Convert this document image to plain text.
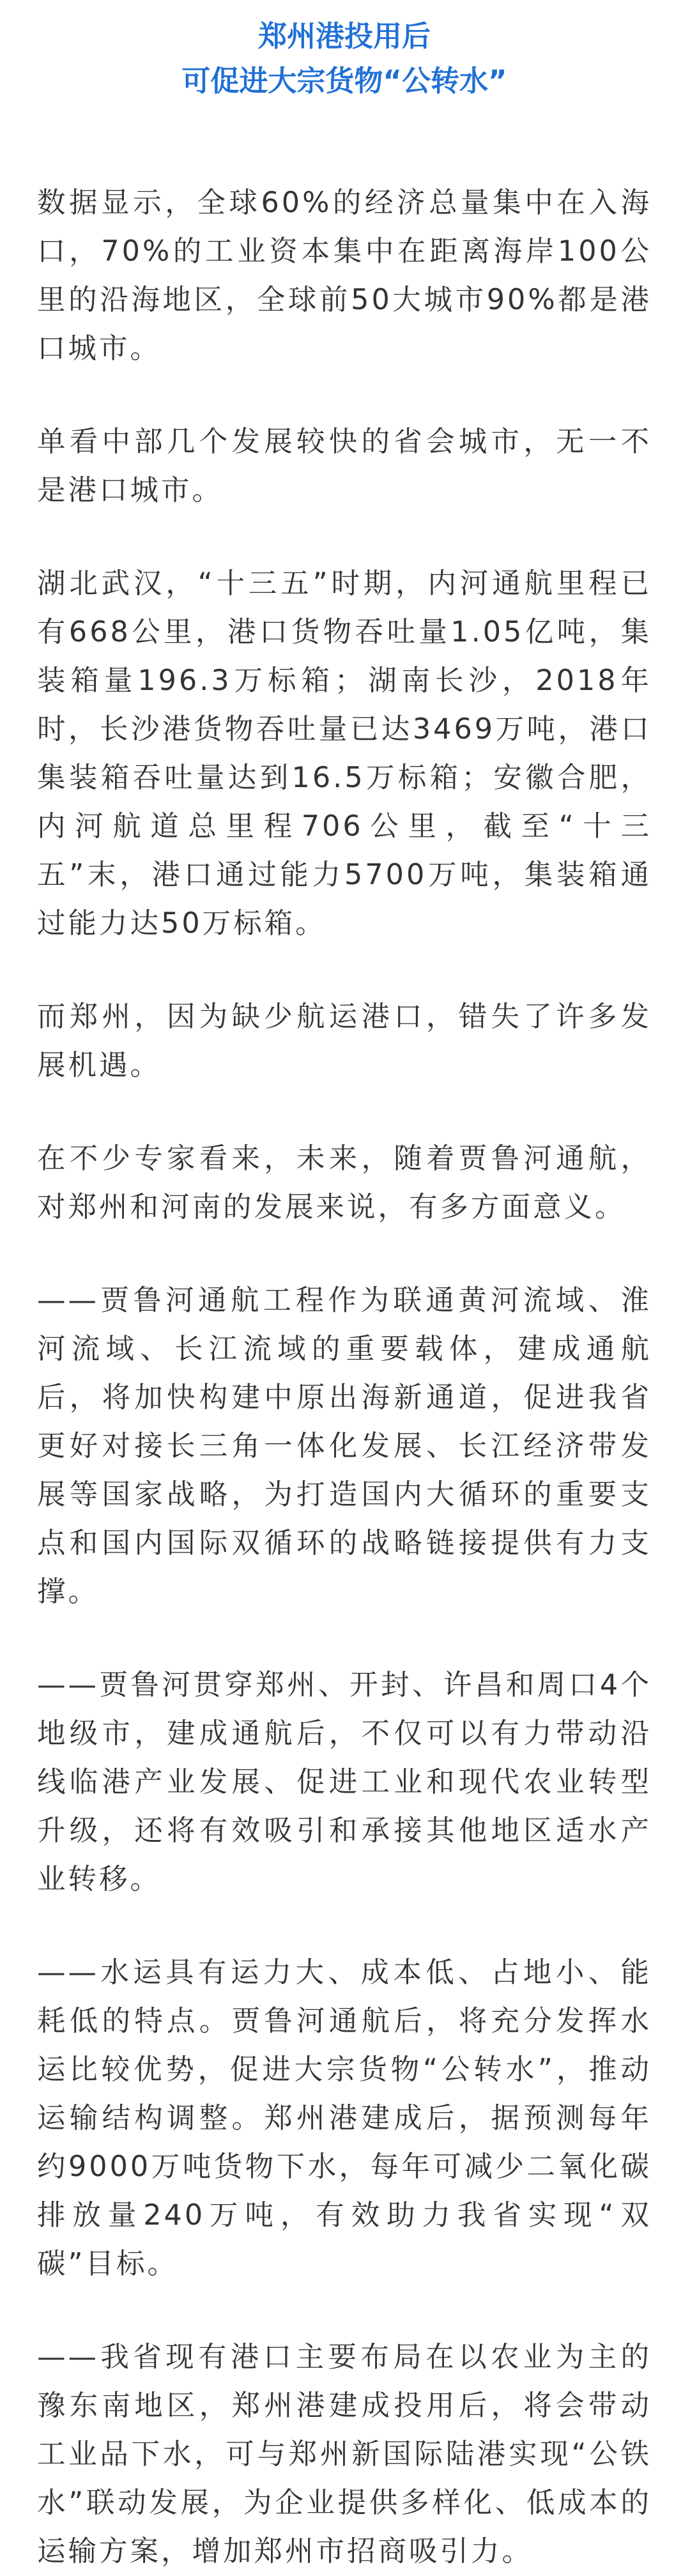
郑州港投用后
可促进大宗货物“公转水”

数据显示，全球60%的经济总量集中在入海口，70%的工业资本集中在距离海岸100公里的沿海地区，全球前50大城市90%都是港口城市。

单看中部几个发展较快的省会城市，无一不是港口城市。

湖北武汉，“十三五”时期，内河通航里程已有668公里，港口货物吞吐量1.05亿吨，集装箱量196.3万标箱；湖南长沙，2018年时，长沙港货物吞吐量已达3469万吨，港口集装箱吞吐量达到16.5万标箱；安徽合肥，内河航道总里程706公里，截至“十三五”末，港口通过能力5700万吨，集装箱通过能力达50万标箱。

而郑州，因为缺少航运港口，错失了许多发展机遇。

在不少专家看来，未来，随着贾鲁河通航，对郑州和河南的发展来说，有多方面意义。

——贾鲁河通航工程作为联通黄河流域、淮河流域、长江流域的重要载体，建成通航后，将加快构建中原出海新通道，促进我省更好对接长三角一体化发展、长江经济带发展等国家战略，为打造国内大循环的重要支点和国内国际双循环的战略链接提供有力支撑。

——贾鲁河贯穿郑州、开封、许昌和周口4个地级市，建成通航后，不仅可以有力带动沿线临港产业发展、促进工业和现代农业转型升级，还将有效吸引和承接其他地区适水产业转移。

——水运具有运力大、成本低、占地小、能耗低的特点。贾鲁河通航后，将充分发挥水运比较优势，促进大宗货物“公转水”，推动运输结构调整。郑州港建成后，据预测每年约9000万吨货物下水，每年可减少二氧化碳排放量240万吨，有效助力我省实现“双碳”目标。

——我省现有港口主要布局在以农业为主的豫东南地区，郑州港建成投用后，将会带动工业品下水，可与郑州新国际陆港实现“公铁水”联动发展，为企业提供多样化、低成本的运输方案，增加郑州市招商吸引力。
